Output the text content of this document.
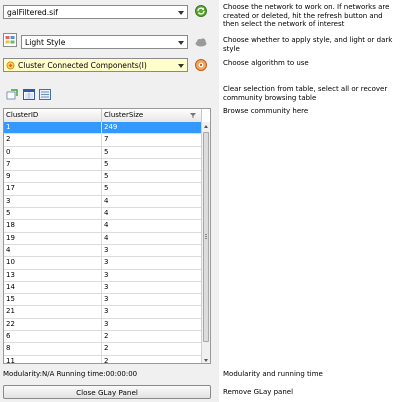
galFiltered.sif
Light Style
Cluster Connected Components(I)
ClusterID	ClusterSize
1	249
2	7
0	5
7	5
9	5
17	5
3	4
5	4
18	4
19	4
4	3
10	3
13	3
14	3
15	3
21	3
22	3
6	2
8	2
11	2
Modularity:N/A Running time:00:00:00
Close GLay Panel
Choose the network to work on. If networks are created or deleted, hit the refresh button and then select the network of interest
Choose whether to apply style, and light or dark style
Choose algorithm to use
Clear selection from table, select all or recover community browsing table
Browse community here
Modularity and running time
Remove GLay panel
